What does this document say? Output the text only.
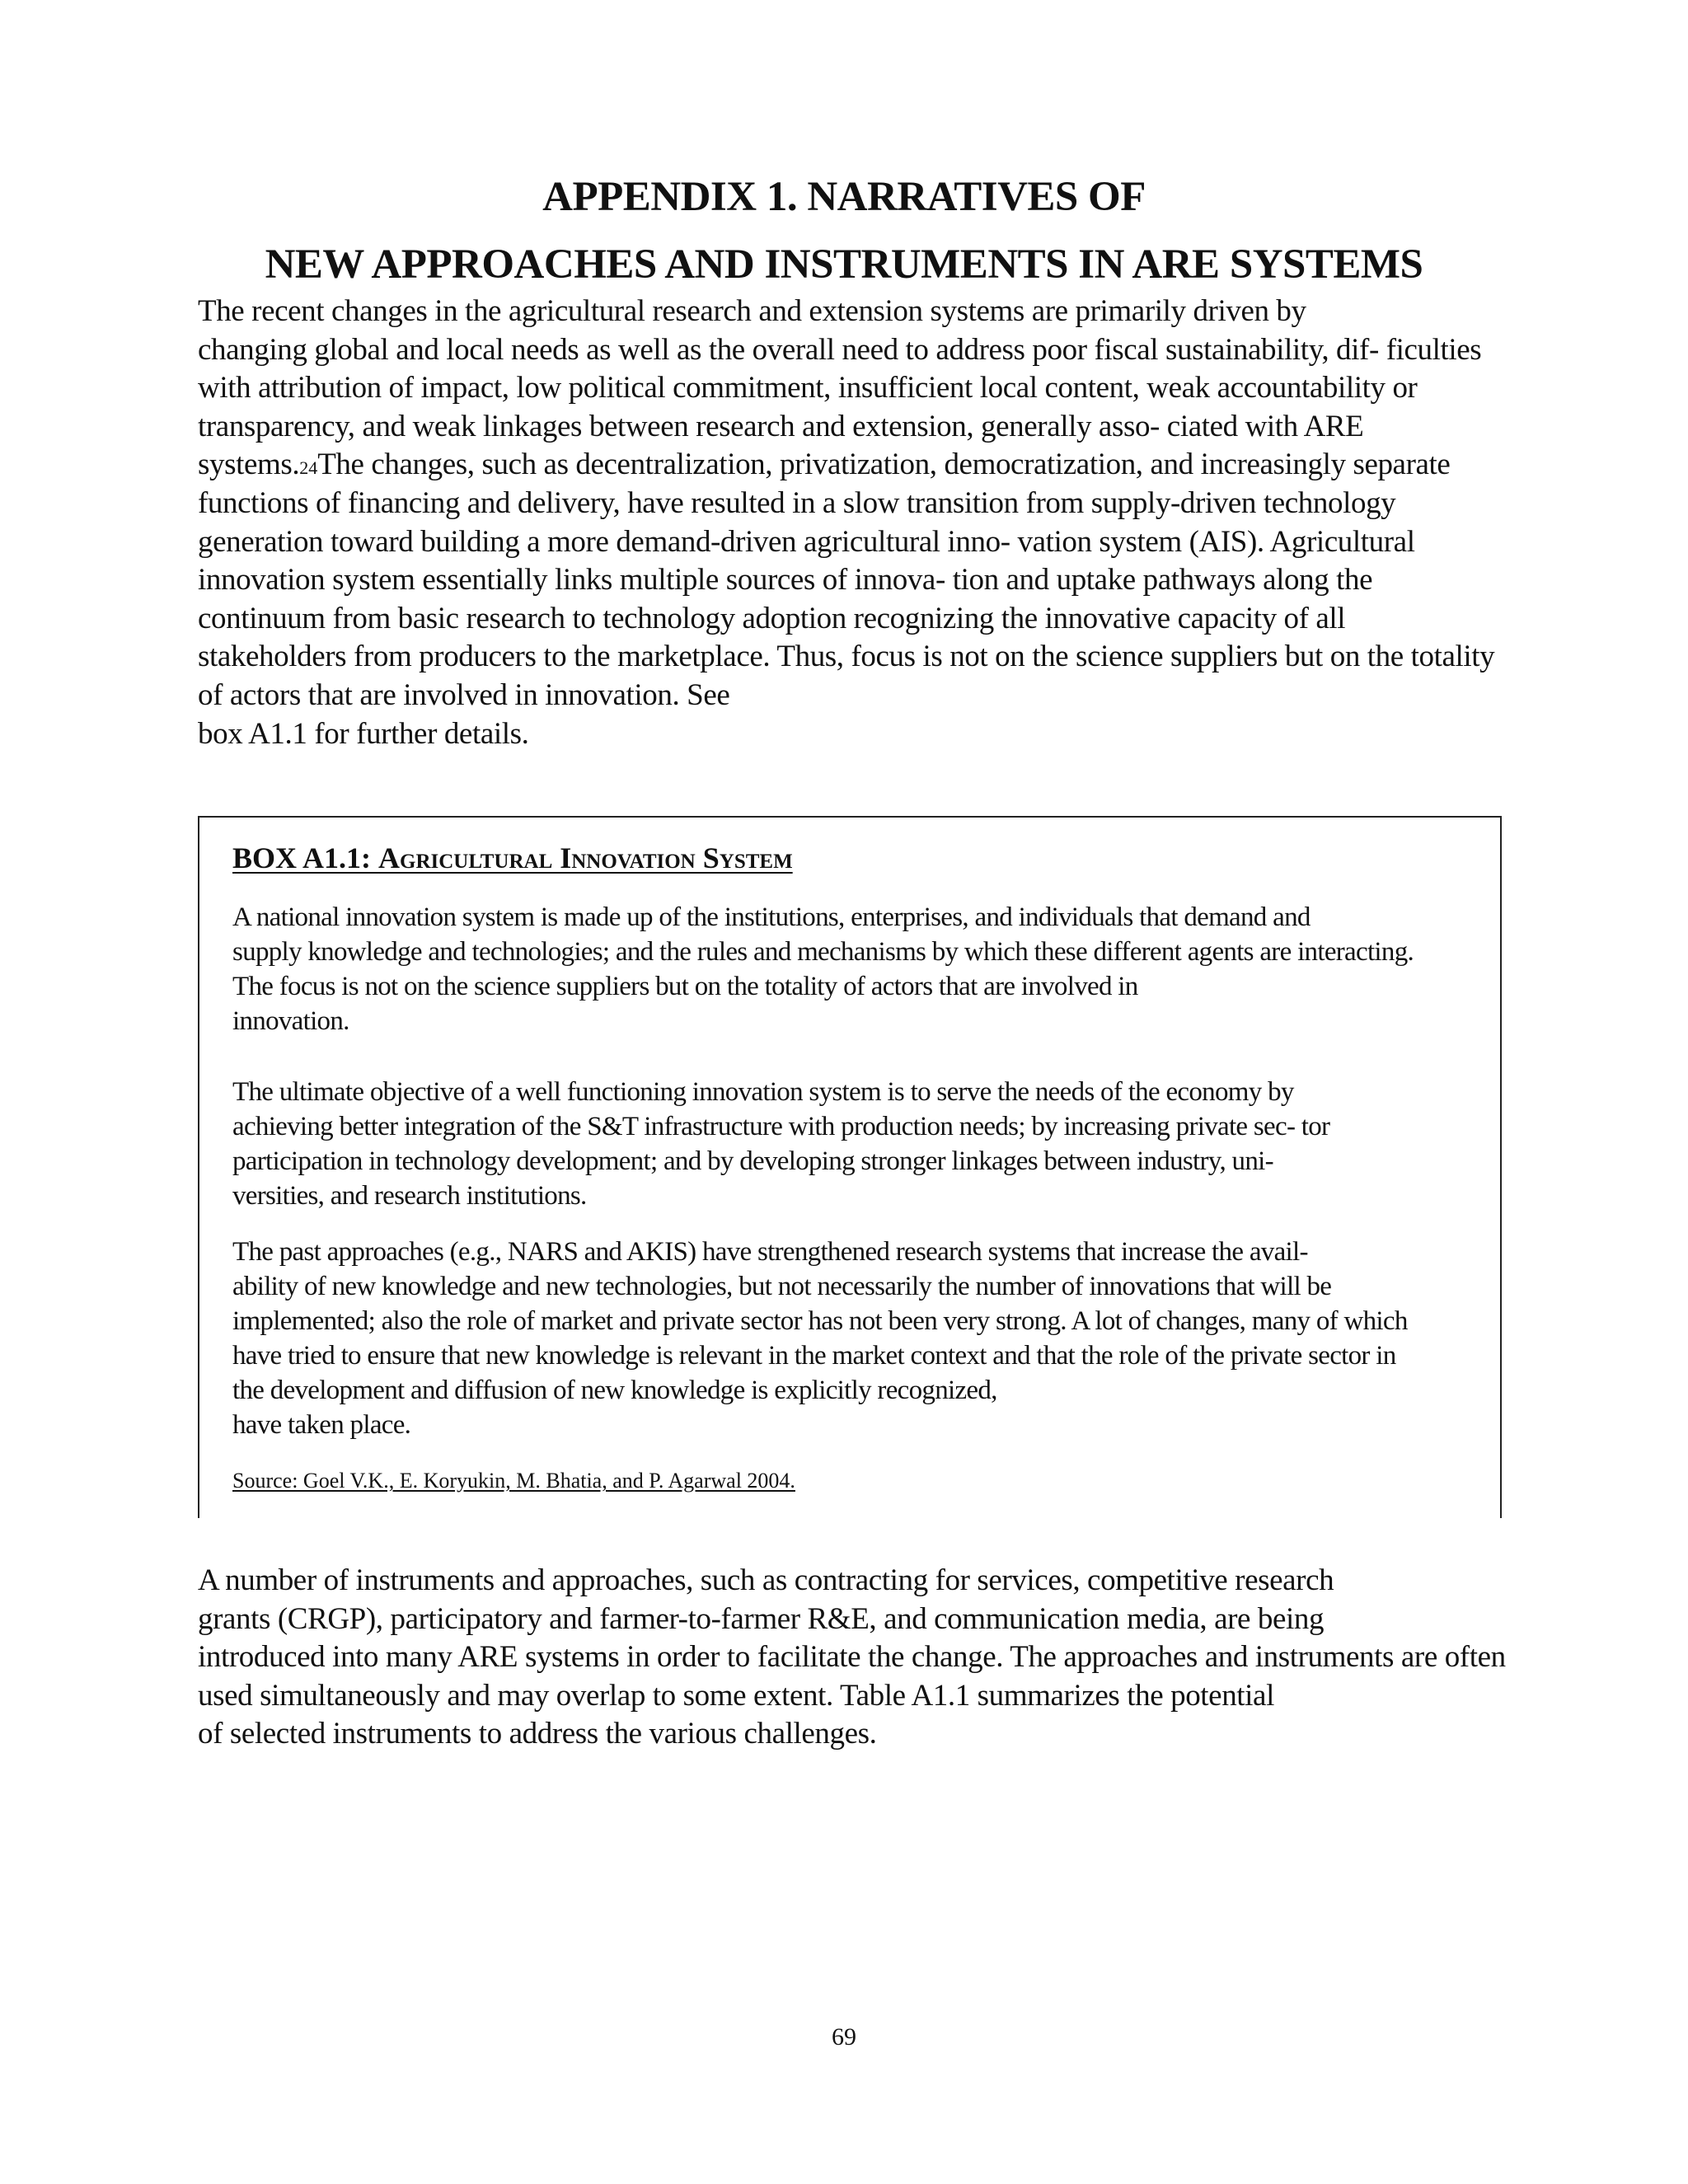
APPENDIX 1. NARRATIVES OF
NEW APPROACHES AND INSTRUMENTS IN ARE SYSTEMS
The recent changes in the agricultural research and extension systems are primarily driven by
changing global and local needs as well as the overall need to address poor fiscal sustainability, dif- ficulties
with attribution of impact, low political commitment, insufficient local content, weak accountability or
transparency, and weak linkages between research and extension, generally asso- ciated with ARE
systems.$^{24}$The changes, such as decentralization, privatization, democratization, and increasingly separate
functions of financing and delivery, have resulted in a slow transition from supply-driven technology
generation toward building a more demand-driven agricultural inno- vation system (AIS). Agricultural
innovation system essentially links multiple sources of innova- tion and uptake pathways along the
continuum from basic research to technology adoption recognizing the innovative capacity of all
stakeholders from producers to the marketplace. Thus, focus is not on the science suppliers but on the totality
of actors that are involved in innovation. See
box A1.1 for further details.
BOX A1.1: Agricultural Innovation System
A national innovation system is made up of the institutions, enterprises, and individuals that demand and
supply knowledge and technologies; and the rules and mechanisms by which these different agents are interacting.
The focus is not on the science suppliers but on the totality of actors that are involved in
innovation.
The ultimate objective of a well functioning innovation system is to serve the needs of the economy by
achieving better integration of the S&T infrastructure with production needs; by increasing private sec- tor
participation in technology development; and by developing stronger linkages between industry, uni-
versities, and research institutions.
The past approaches (e.g., NARS and AKIS) have strengthened research systems that increase the avail-
ability of new knowledge and new technologies, but not necessarily the number of innovations that will be
implemented; also the role of market and private sector has not been very strong. A lot of changes, many of which
have tried to ensure that new knowledge is relevant in the market context and that the role of the private sector in
the development and diffusion of new knowledge is explicitly recognized,
have taken place.
Source: Goel V.K., E. Koryukin, M. Bhatia, and P. Agarwal 2004.
A number of instruments and approaches, such as contracting for services, competitive research
grants (CRGP), participatory and farmer-to-farmer R&E, and communication media, are being
introduced into many ARE systems in order to facilitate the change. The approaches and instruments are often
used simultaneously and may overlap to some extent. Table A1.1 summarizes the potential
of selected instruments to address the various challenges.
69
